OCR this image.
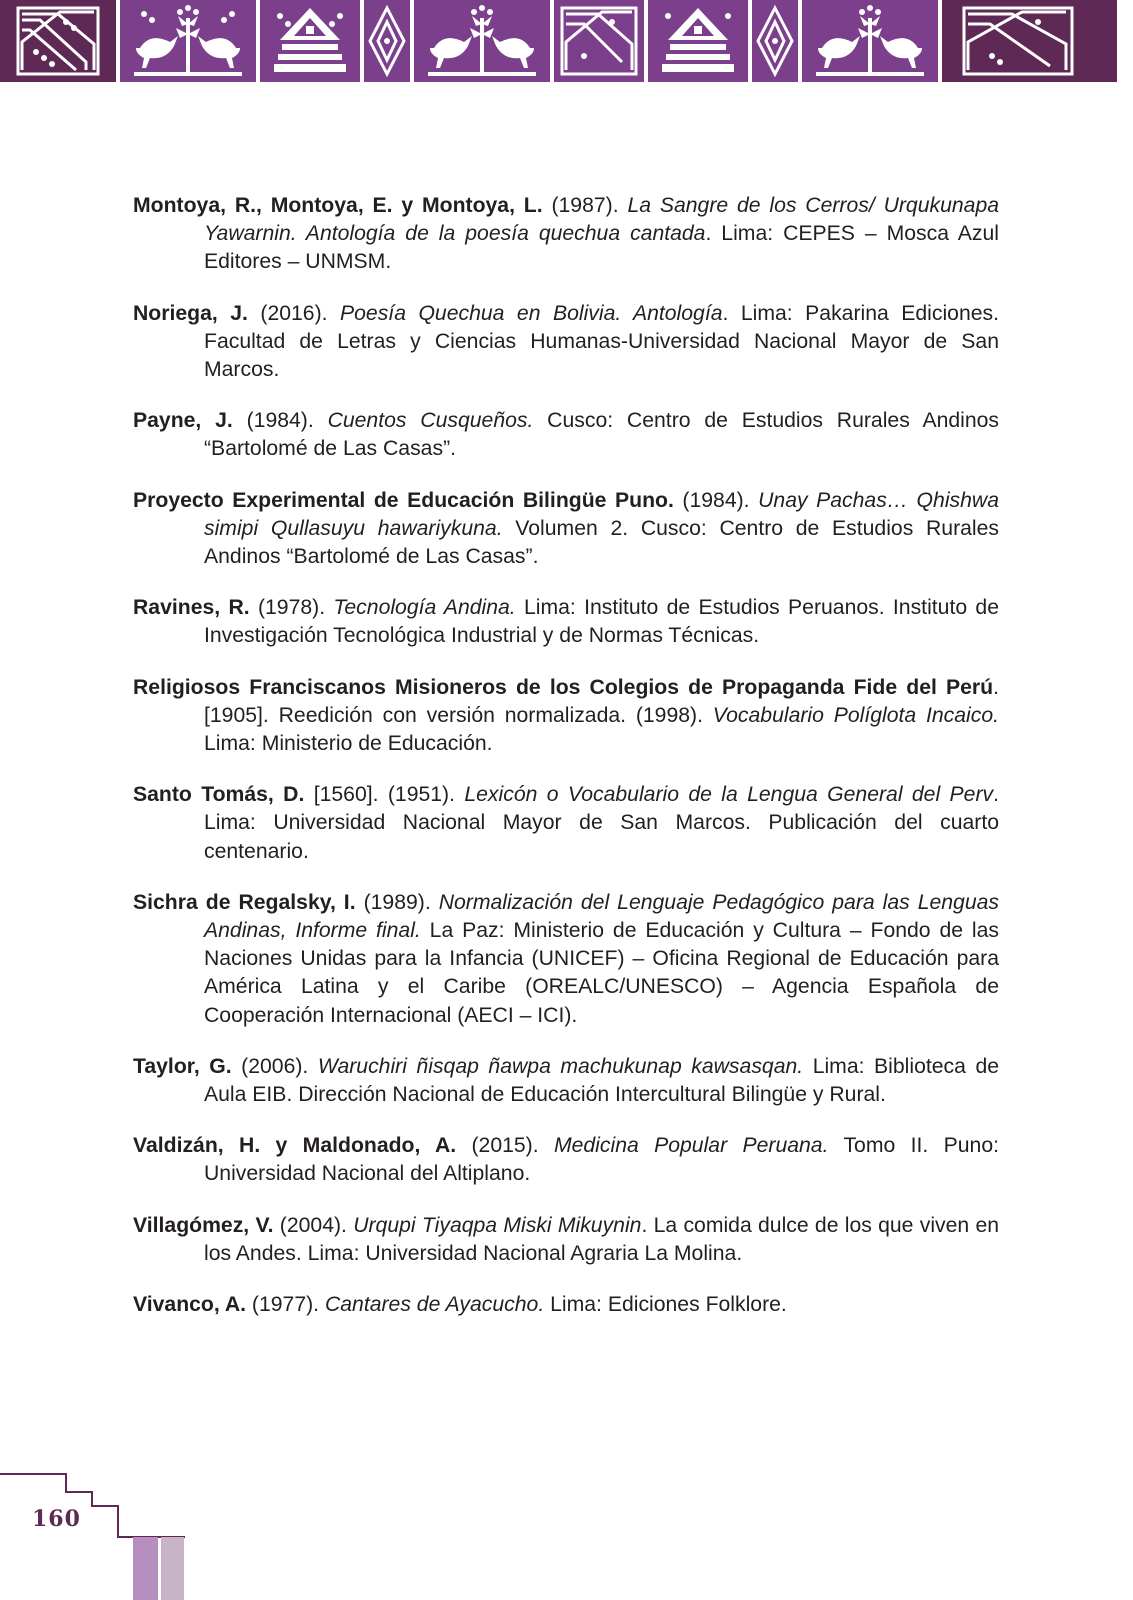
Montoya, R., Montoya, E. y Montoya, L. (1987). La Sangre de los Cerros/ Urqukunapa Yawarnin. Antología de la poesía quechua cantada. Lima: CEPES – Mosca Azul Editores – UNMSM.

Noriega, J. (2016). Poesía Quechua en Bolivia. Antología. Lima: Pakarina Ediciones. Facultad de Letras y Ciencias Humanas-Universidad Nacional Mayor de San Marcos.

Payne, J. (1984). Cuentos Cusqueños. Cusco: Centro de Estudios Rurales Andinos “Bartolomé de Las Casas”.

Proyecto Experimental de Educación Bilingüe Puno. (1984). Unay Pachas… Qhishwa simipi Qullasuyu hawariykuna. Volumen 2. Cusco: Centro de Estudios Rurales Andinos “Bartolomé de Las Casas”.

Ravines, R. (1978). Tecnología Andina. Lima: Instituto de Estudios Peruanos. Instituto de Investigación Tecnológica Industrial y de Normas Técnicas.

Religiosos Franciscanos Misioneros de los Colegios de Propaganda Fide del Perú. [1905]. Reedición con versión normalizada. (1998). Vocabulario Políglota Incaico. Lima: Ministerio de Educación.

Santo Tomás, D. [1560]. (1951). Lexicón o Vocabulario de la Lengua General del Perv. Lima: Universidad Nacional Mayor de San Marcos. Publicación del cuarto centenario.

Sichra de Regalsky, I. (1989). Normalización del Lenguaje Pedagógico para las Lenguas Andinas, Informe final. La Paz: Ministerio de Educación y Cultura – Fondo de las Naciones Unidas para la Infancia (UNICEF) – Oficina Regional de Educación para América Latina y el Caribe (OREALC/UNESCO) – Agencia Española de Cooperación Internacional (AECI – ICI).

Taylor, G. (2006). Waruchiri ñisqap ñawpa machukunap kawsasqan. Lima: Biblioteca de Aula EIB. Dirección Nacional de Educación Intercultural Bilingüe y Rural.

Valdizán, H. y Maldonado, A. (2015). Medicina Popular Peruana. Tomo II. Puno: Universidad Nacional del Altiplano.

Villagómez, V. (2004). Urqupi Tiyaqpa Miski Mikuynin. La comida dulce de los que viven en los Andes. Lima: Universidad Nacional Agraria La Molina.

Vivanco, A. (1977). Cantares de Ayacucho. Lima: Ediciones Folklore.

160
